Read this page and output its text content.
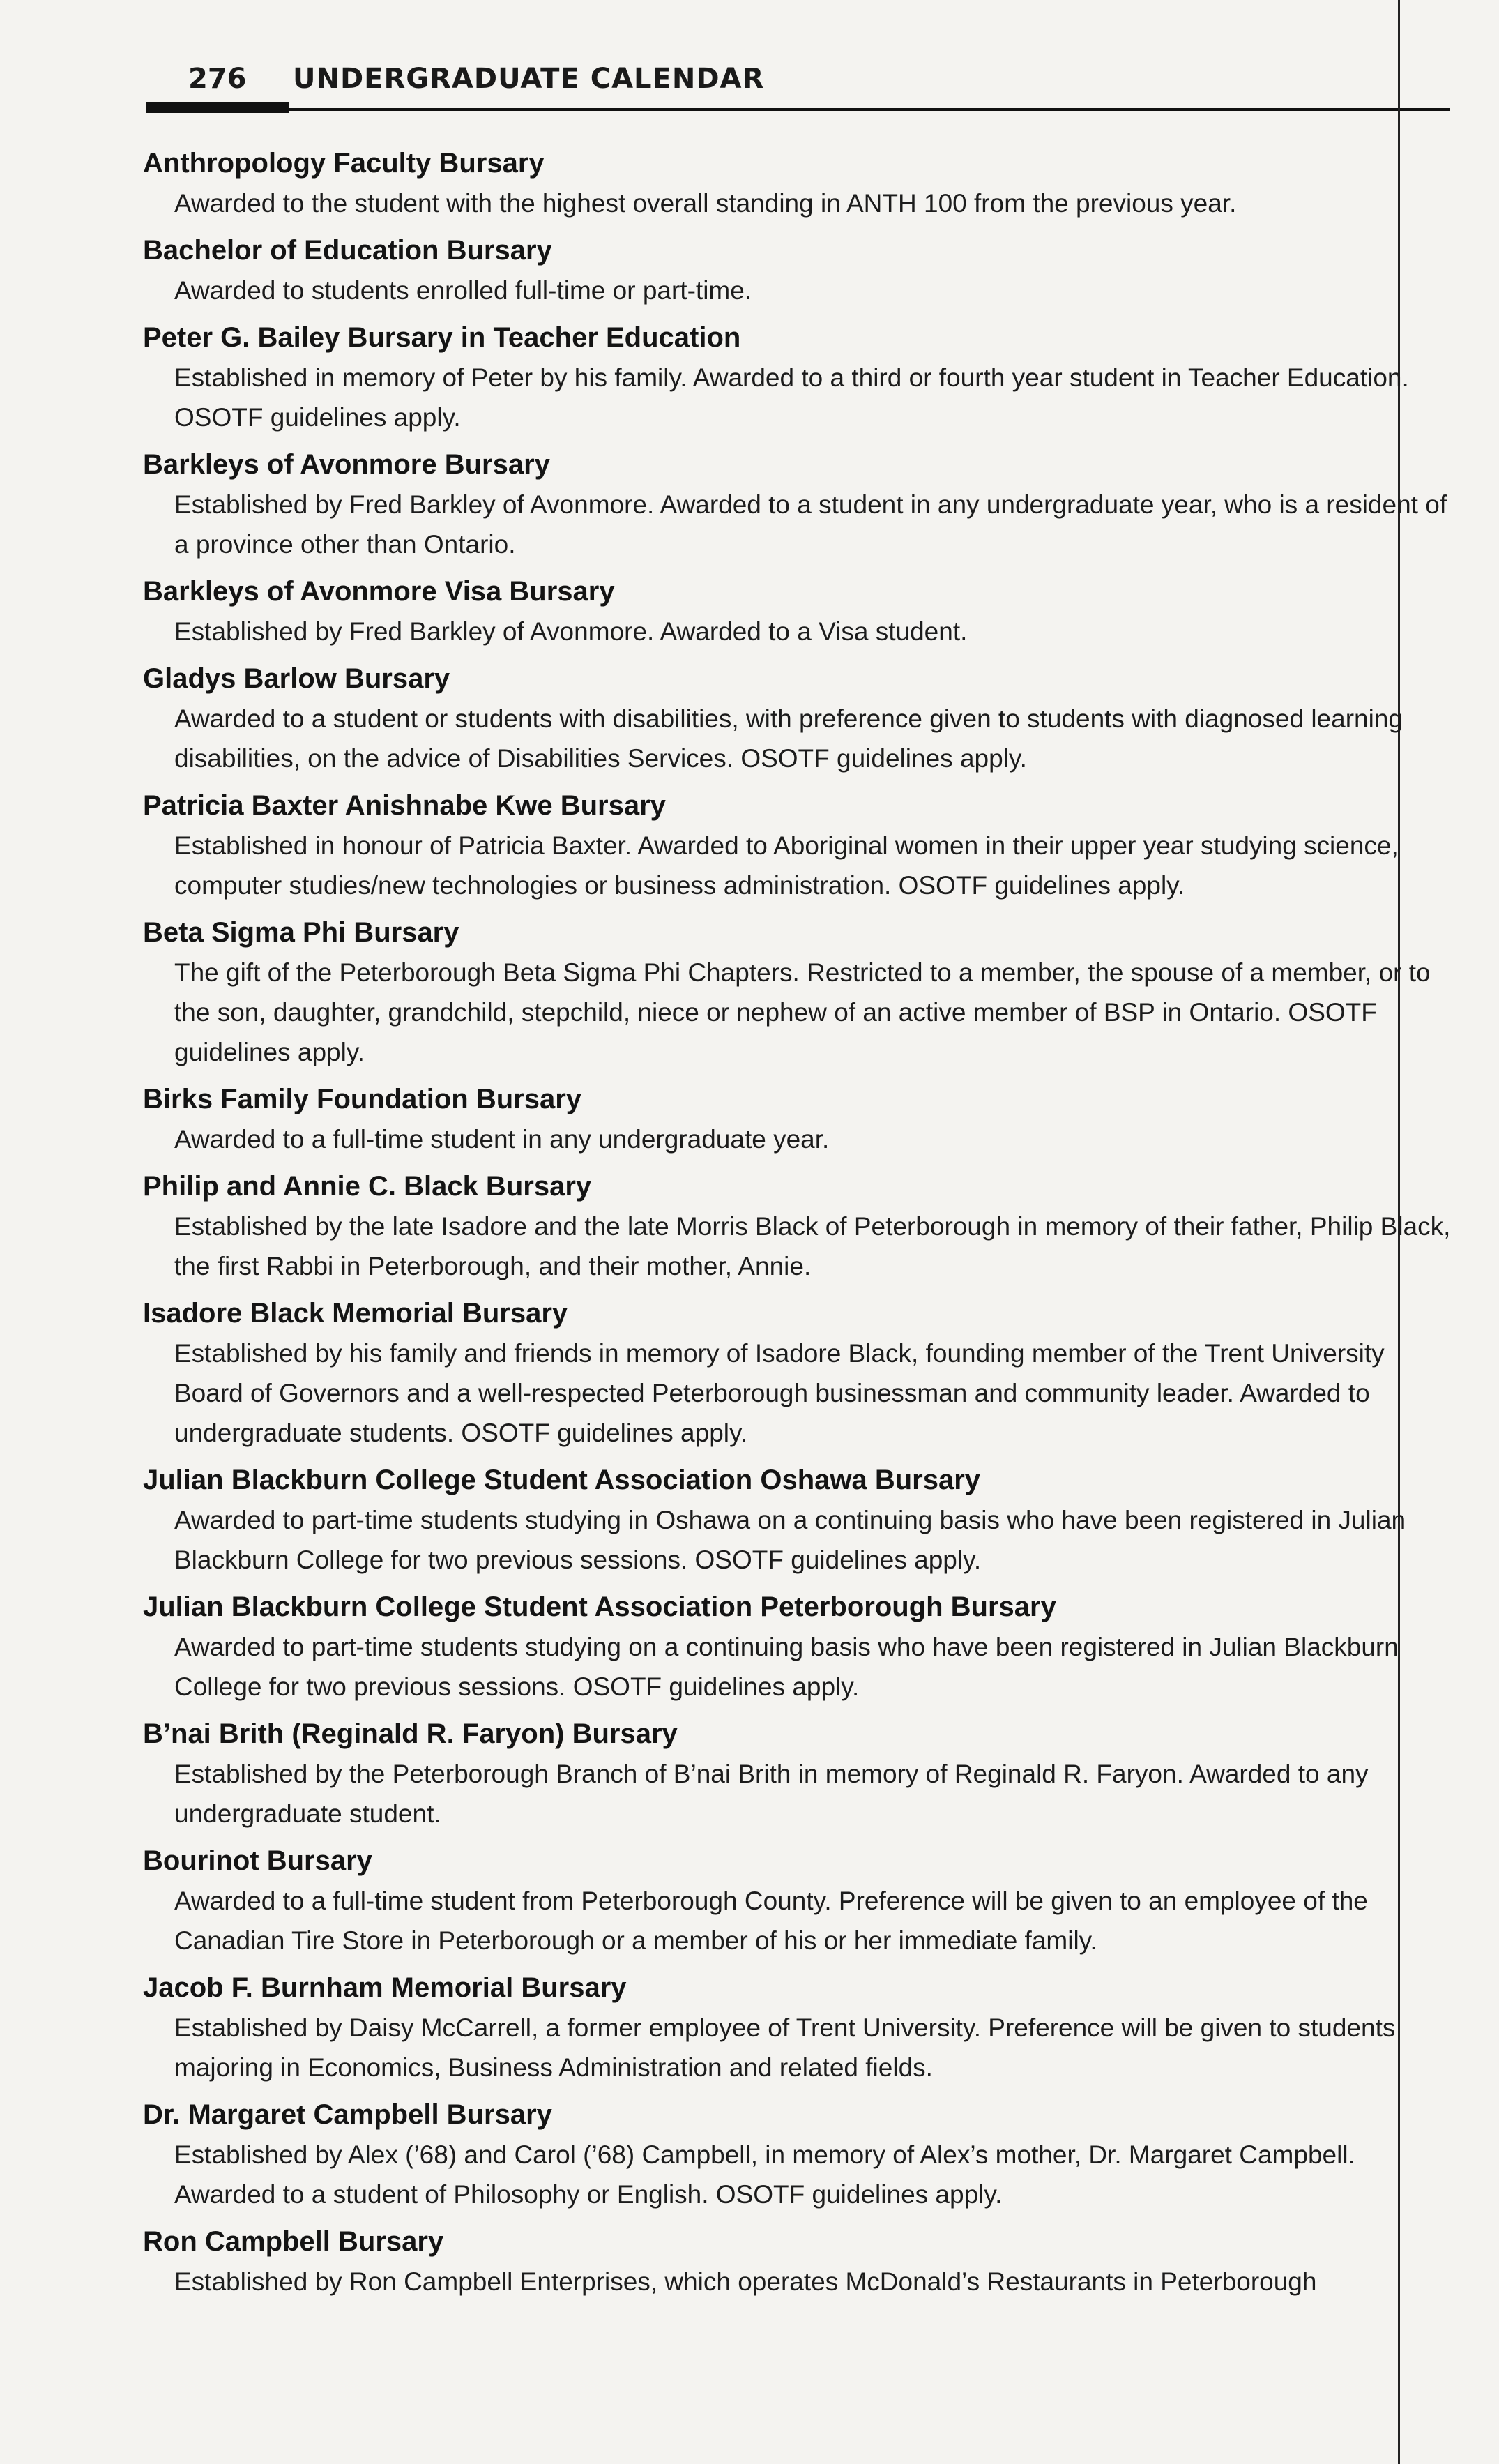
276 UNDERGRADUATE CALENDAR
Anthropology Faculty Bursary
Awarded to the student with the highest overall standing in ANTH 100 from the previous year.
Bachelor of Education Bursary
Awarded to students enrolled full-time or part-time.
Peter G. Bailey Bursary in Teacher Education
Established in memory of Peter by his family. Awarded to a third or fourth year student in Teacher Education. OSOTF guidelines apply.
Barkleys of Avonmore Bursary
Established by Fred Barkley of Avonmore. Awarded to a student in any undergraduate year, who is a resident of a province other than Ontario.
Barkleys of Avonmore Visa Bursary
Established by Fred Barkley of Avonmore. Awarded to a Visa student.
Gladys Barlow Bursary
Awarded to a student or students with disabilities, with preference given to students with diagnosed learning disabilities, on the advice of Disabilities Services. OSOTF guidelines apply.
Patricia Baxter Anishnabe Kwe Bursary
Established in honour of Patricia Baxter. Awarded to Aboriginal women in their upper year studying science, computer studies/new technologies or business administration. OSOTF guidelines apply.
Beta Sigma Phi Bursary
The gift of the Peterborough Beta Sigma Phi Chapters. Restricted to a member, the spouse of a member, or to the son, daughter, grandchild, stepchild, niece or nephew of an active member of BSP in Ontario. OSOTF guidelines apply.
Birks Family Foundation Bursary
Awarded to a full-time student in any undergraduate year.
Philip and Annie C. Black Bursary
Established by the late Isadore and the late Morris Black of Peterborough in memory of their father, Philip Black, the first Rabbi in Peterborough, and their mother, Annie.
Isadore Black Memorial Bursary
Established by his family and friends in memory of Isadore Black, founding member of the Trent University Board of Governors and a well-respected Peterborough businessman and community leader. Awarded to undergraduate students. OSOTF guidelines apply.
Julian Blackburn College Student Association Oshawa Bursary
Awarded to part-time students studying in Oshawa on a continuing basis who have been registered in Julian Blackburn College for two previous sessions. OSOTF guidelines apply.
Julian Blackburn College Student Association Peterborough Bursary
Awarded to part-time students studying on a continuing basis who have been registered in Julian Blackburn College for two previous sessions. OSOTF guidelines apply.
B’nai Brith (Reginald R. Faryon) Bursary
Established by the Peterborough Branch of B’nai Brith in memory of Reginald R. Faryon. Awarded to any undergraduate student.
Bourinot Bursary
Awarded to a full-time student from Peterborough County. Preference will be given to an employee of the Canadian Tire Store in Peterborough or a member of his or her immediate family.
Jacob F. Burnham Memorial Bursary
Established by Daisy McCarrell, a former employee of Trent University. Preference will be given to students majoring in Economics, Business Administration and related fields.
Dr. Margaret Campbell Bursary
Established by Alex (’68) and Carol (’68) Campbell, in memory of Alex’s mother, Dr. Margaret Campbell. Awarded to a student of Philosophy or English. OSOTF guidelines apply.
Ron Campbell Bursary
Established by Ron Campbell Enterprises, which operates McDonald’s Restaurants in Peterborough
